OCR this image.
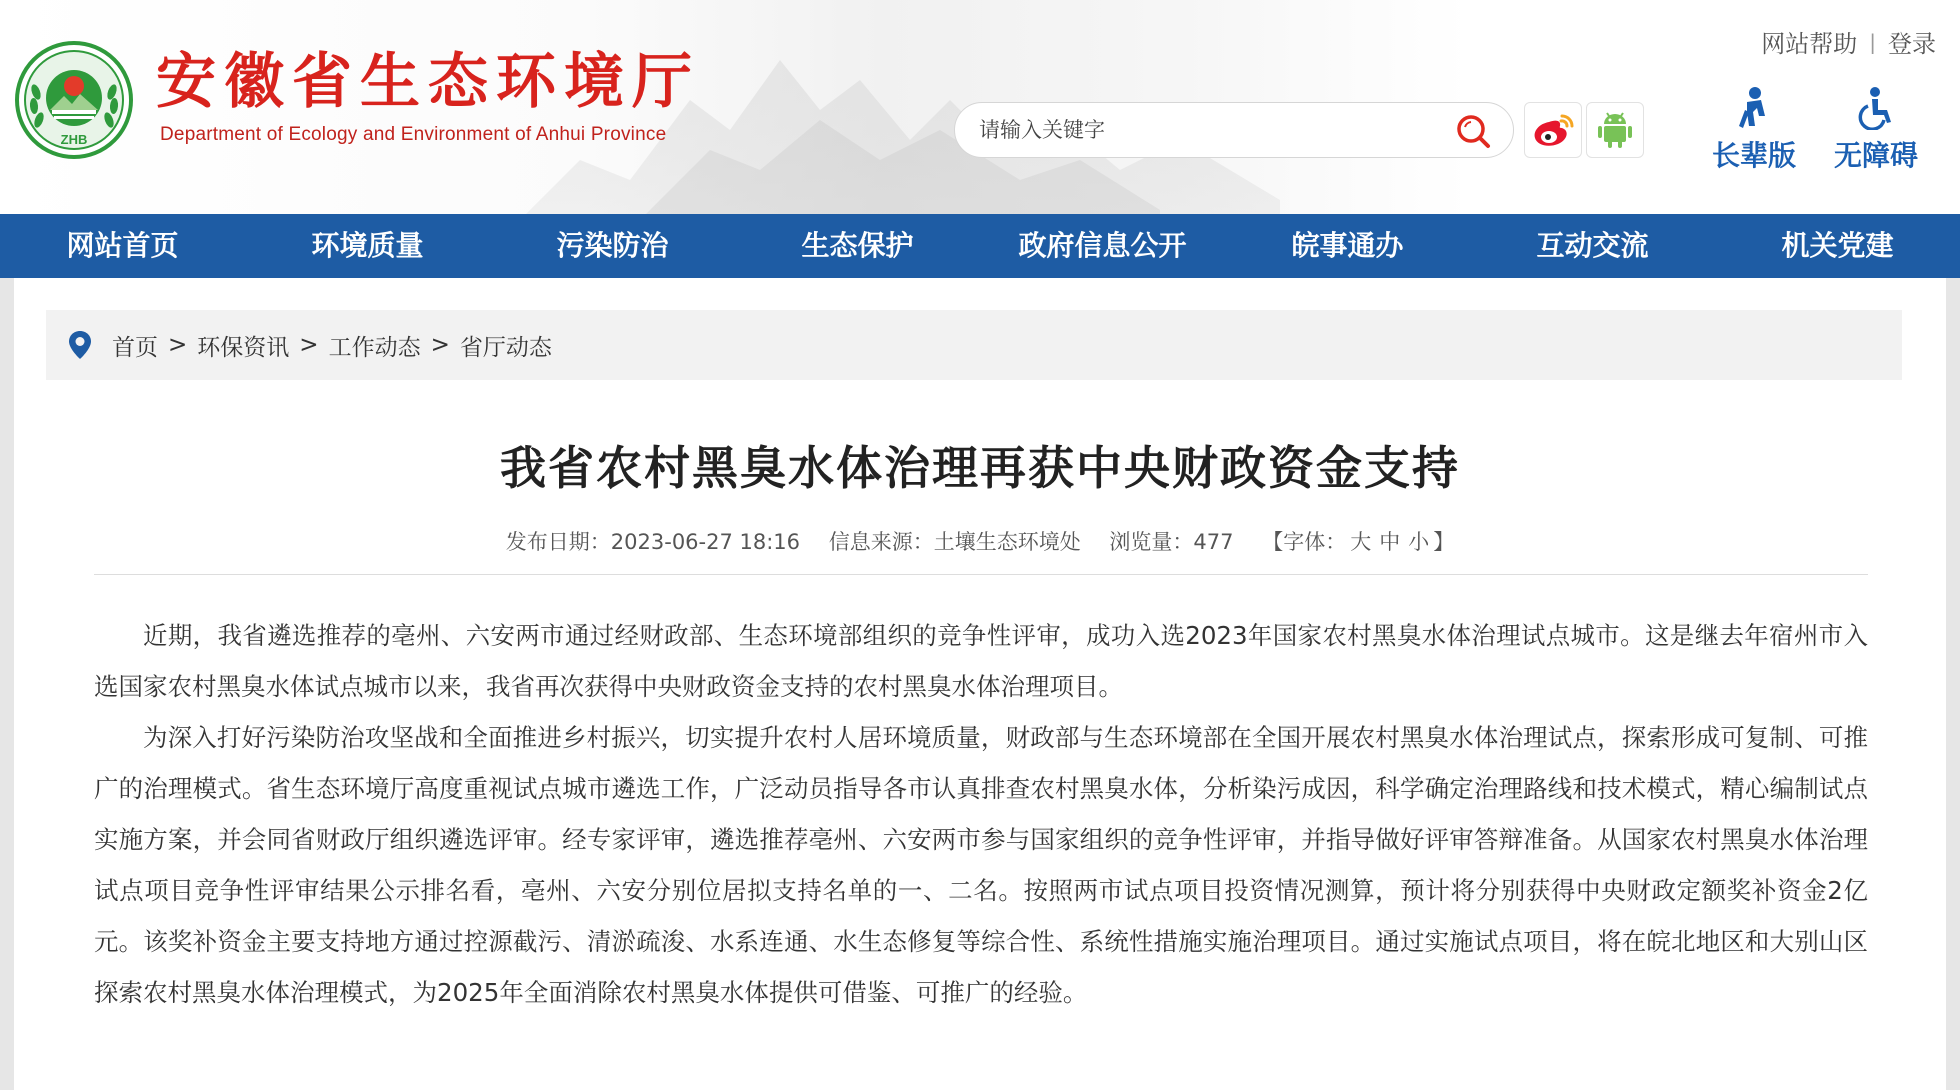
ZHB
安徽省生态环境厅
Department of Ecology and Environment of Anhui Province
网站帮助 | 登录
请输入关键字
长辈版	无障碍
网站首页	环境质量	污染防治	生态保护	政府信息公开	皖事通办	互动交流	机关党建
首页 > 环保资讯 > 工作动态 > 省厅动态
我省农村黑臭水体治理再获中央财政资金支持
发布日期：2023-06-27 18:16 信息来源：土壤生态环境处 浏览量：477 【字体： 大 中 小 】

近期，我省遴选推荐的亳州、六安两市通过经财政部、生态环境部组织的竞争性评审，成功入选2023年国家农村黑臭水体治理试点城市。这是继去年宿州市入选国家农村黑臭水体试点城市以来，我省再次获得中央财政资金支持的农村黑臭水体治理项目。

为深入打好污染防治攻坚战和全面推进乡村振兴，切实提升农村人居环境质量，财政部与生态环境部在全国开展农村黑臭水体治理试点，探索形成可复制、可推广的治理模式。省生态环境厅高度重视试点城市遴选工作，广泛动员指导各市认真排查农村黑臭水体，分析染污成因，科学确定治理路线和技术模式，精心编制试点实施方案，并会同省财政厅组织遴选评审。经专家评审，遴选推荐亳州、六安两市参与国家组织的竞争性评审，并指导做好评审答辩准备。从国家农村黑臭水体治理试点项目竞争性评审结果公示排名看，亳州、六安分别位居拟支持名单的一、二名。按照两市试点项目投资情况测算，预计将分别获得中央财政定额奖补资金2亿元。该奖补资金主要支持地方通过控源截污、清淤疏浚、水系连通、水生态修复等综合性、系统性措施实施治理项目。通过实施试点项目，将在皖北地区和大别山区探索农村黑臭水体治理模式，为2025年全面消除农村黑臭水体提供可借鉴、可推广的经验。
